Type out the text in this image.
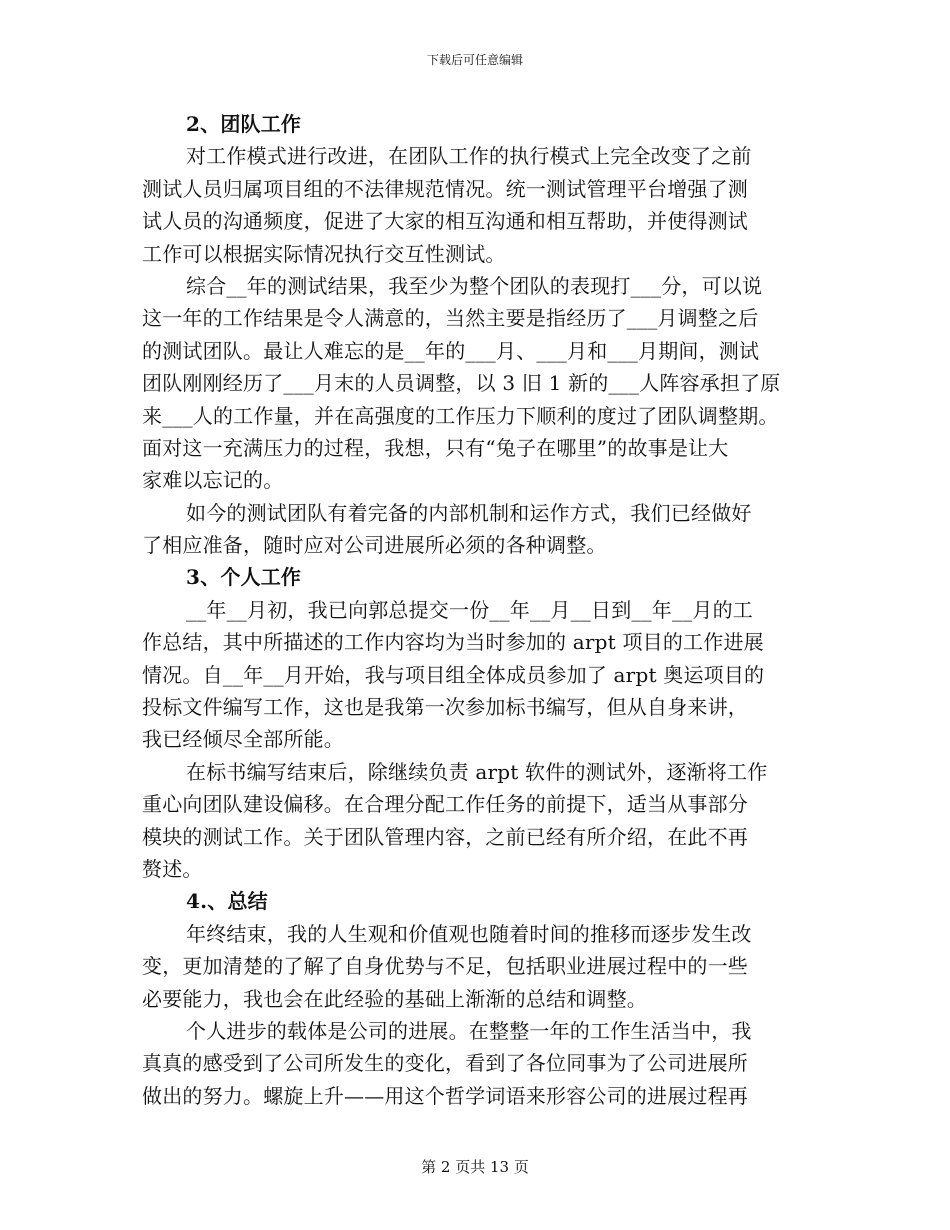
下载后可任意编辑
2、团队工作
对工作模式进行改进，在团队工作的执行模式上完全改变了之前
测试人员归属项目组的不法律规范情况。统一测试管理平台增强了测
试人员的沟通频度，促进了大家的相互沟通和相互帮助，并使得测试
工作可以根据实际情况执行交互性测试。
综合__年的测试结果，我至少为整个团队的表现打___分，可以说
这一年的工作结果是令人满意的，当然主要是指经历了___月调整之后
的测试团队。最让人难忘的是__年的___月、___月和___月期间，测试
团队刚刚经历了___月末的人员调整，以 3 旧 1 新的___人阵容承担了原
来___人的工作量，并在高强度的工作压力下顺利的度过了团队调整期。
面对这一充满压力的过程，我想，只有“兔子在哪里”的故事是让大
家难以忘记的。
如今的测试团队有着完备的内部机制和运作方式，我们已经做好
了相应准备，随时应对公司进展所必须的各种调整。
3、个人工作
__年__月初，我已向郭总提交一份__年__月__日到__年__月的工
作总结，其中所描述的工作内容均为当时参加的 arpt 项目的工作进展
情况。自__年__月开始，我与项目组全体成员参加了 arpt 奥运项目的
投标文件编写工作，这也是我第一次参加标书编写，但从自身来讲，
我已经倾尽全部所能。
在标书编写结束后，除继续负责 arpt 软件的测试外，逐渐将工作
重心向团队建设偏移。在合理分配工作任务的前提下，适当从事部分
模块的测试工作。关于团队管理内容，之前已经有所介绍，在此不再
赘述。
4.、总结
年终结束，我的人生观和价值观也随着时间的推移而逐步发生改
变，更加清楚的了解了自身优势与不足，包括职业进展过程中的一些
必要能力，我也会在此经验的基础上渐渐的总结和调整。
个人进步的载体是公司的进展。在整整一年的工作生活当中，我
真真的感受到了公司所发生的变化，看到了各位同事为了公司进展所
做出的努力。螺旋上升——用这个哲学词语来形容公司的进展过程再
第 2 页共 13 页
